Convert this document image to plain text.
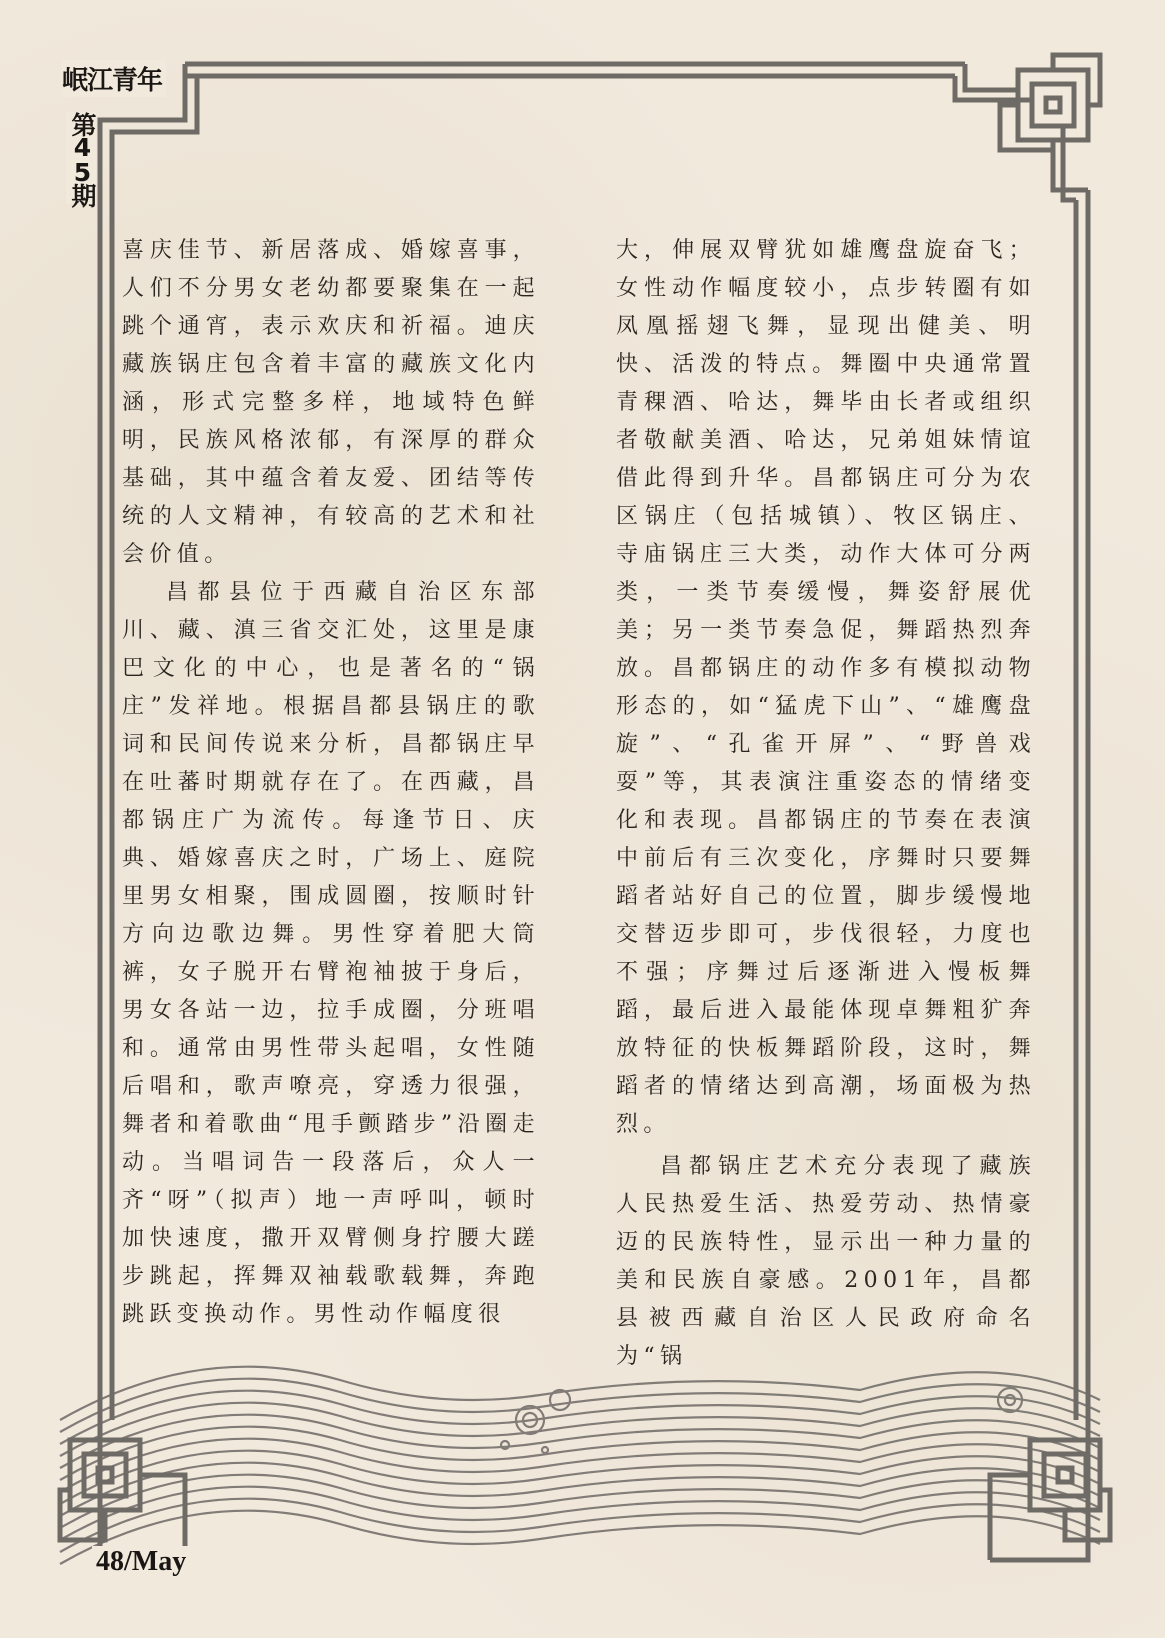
岷江青年
第45期

喜庆佳节、新居落成、婚嫁喜事，人们不分男女老幼都要聚集在一起跳个通宵，表示欢庆和祈福。迪庆藏族锅庄包含着丰富的藏族文化内涵，形式完整多样，地域特色鲜明，民族风格浓郁，有深厚的群众基础，其中蕴含着友爱、团结等传统的人文精神，有较高的艺术和社会价值。

昌都县位于西藏自治区东部川、藏、滇三省交汇处，这里是康巴文化的中心，也是著名的“锅庄”发祥地。根据昌都县锅庄的歌词和民间传说来分析，昌都锅庄早在吐蕃时期就存在了。在西藏，昌都锅庄广为流传。每逢节日、庆典、婚嫁喜庆之时，广场上、庭院里男女相聚，围成圆圈，按顺时针方向边歌边舞。男性穿着肥大筒裤，女子脱开右臂袍袖披于身后，男女各站一边，拉手成圈，分班唱和。通常由男性带头起唱，女性随后唱和，歌声嘹亮，穿透力很强，舞者和着歌曲“甩手颤踏步”沿圈走动。当唱词告一段落后，众人一齐“呀”（拟声）地一声呼叫，顿时加快速度，撒开双臂侧身拧腰大蹉步跳起，挥舞双袖载歌载舞，奔跑跳跃变换动作。男性动作幅度很

大，伸展双臂犹如雄鹰盘旋奋飞；女性动作幅度较小，点步转圈有如凤凰摇翅飞舞，显现出健美、明快、活泼的特点。舞圈中央通常置青稞酒、哈达，舞毕由长者或组织者敬献美酒、哈达，兄弟姐妹情谊借此得到升华。昌都锅庄可分为农区锅庄（包括城镇）、牧区锅庄、寺庙锅庄三大类，动作大体可分两类，一类节奏缓慢，舞姿舒展优美；另一类节奏急促，舞蹈热烈奔放。昌都锅庄的动作多有模拟动物形态的，如“猛虎下山”、“雄鹰盘旋”、“孔雀开屏”、“野兽戏耍”等，其表演注重姿态的情绪变化和表现。昌都锅庄的节奏在表演中前后有三次变化，序舞时只要舞蹈者站好自己的位置，脚步缓慢地交替迈步即可，步伐很轻，力度也不强；序舞过后逐渐进入慢板舞蹈，最后进入最能体现卓舞粗犷奔放特征的快板舞蹈阶段，这时，舞蹈者的情绪达到高潮，场面极为热烈。

昌都锅庄艺术充分表现了藏族人民热爱生活、热爱劳动、热情豪迈的民族特性，显示出一种力量的美和民族自豪感。2001年，昌都县被西藏自治区人民政府命名为“锅

48/May
